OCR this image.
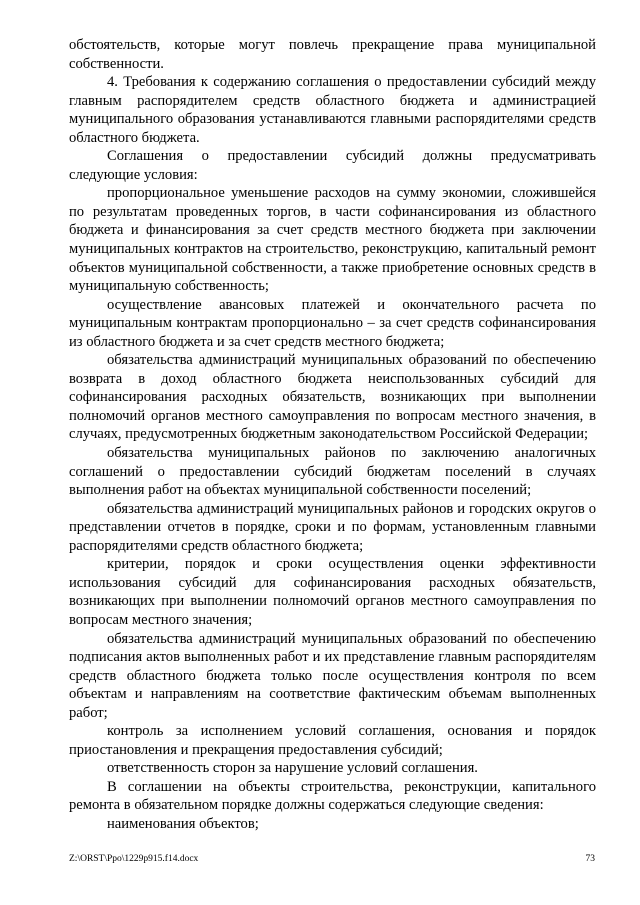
обстоятельств, которые могут повлечь прекращение права муниципальной собственности.

4. Требования к содержанию соглашения о предоставлении субсидий между главным распорядителем средств областного бюджета и администрацией муниципального образования устанавливаются главными распорядителями средств областного бюджета.

Соглашения о предоставлении субсидий должны предусматривать следующие условия:

пропорциональное уменьшение расходов на сумму экономии, сложившейся по результатам проведенных торгов, в части софинансирования из областного бюджета и финансирования за счет средств местного бюджета при заключении муниципальных контрактов на строительство, реконструкцию, капитальный ремонт объектов муниципальной собственности, а также приобретение основных средств в муниципальную собственность;

осуществление авансовых платежей и окончательного расчета по муниципальным контрактам пропорционально – за счет средств софинансирования из областного бюджета и за счет средств местного бюджета;

обязательства администраций муниципальных образований по обеспечению возврата в доход областного бюджета неиспользованных субсидий для софинансирования расходных обязательств, возникающих при выполнении полномочий органов местного самоуправления по вопросам местного значения, в случаях, предусмотренных бюджетным законодательством Российской Федерации;

обязательства муниципальных районов по заключению аналогичных соглашений о предоставлении субсидий бюджетам поселений в случаях выполнения работ на объектах муниципальной собственности поселений;

обязательства администраций муниципальных районов и городских округов о представлении отчетов в порядке, сроки и по формам, установленным главными распорядителями средств областного бюджета;

критерии, порядок и сроки осуществления оценки эффективности использования субсидий для софинансирования расходных обязательств, возникающих при выполнении полномочий органов местного самоуправления по вопросам местного значения;

обязательства администраций муниципальных образований по обеспечению подписания актов выполненных работ и их представление главным распорядителям средств областного бюджета только после осуществления контроля по всем объектам и направлениям на соответствие фактическим объемам выполненных работ;

контроль за исполнением условий соглашения, основания и порядок приостановления и прекращения предоставления субсидий;

ответственность сторон за нарушение условий соглашения.

В соглашении на объекты строительства, реконструкции, капитального ремонта в обязательном порядке должны содержаться следующие сведения:

наименования объектов;

Z:\ORST\Ppo\1229p915.f14.docx	73
